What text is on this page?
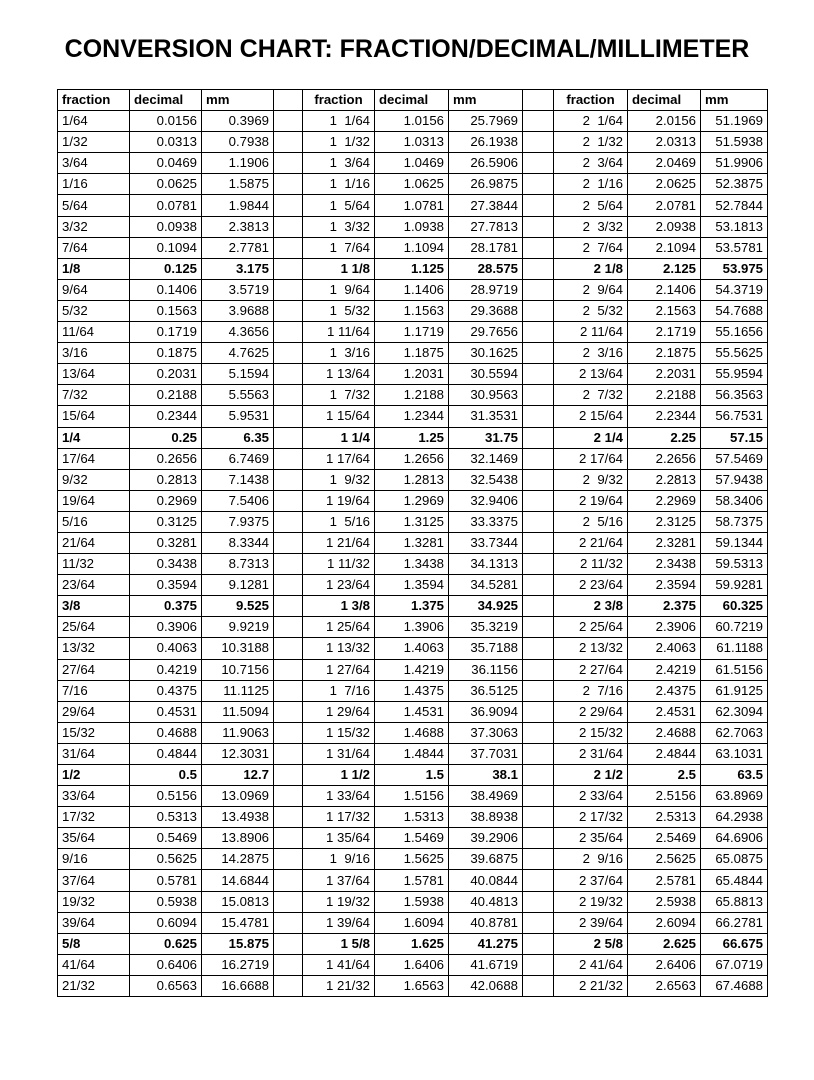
CONVERSION CHART: FRACTION/DECIMAL/MILLIMETER
fraction	decimal	mm		fraction	decimal	mm		fraction	decimal	mm
1/64	0.0156	0.3969		1  1/64	1.0156	25.7969		2  1/64	2.0156	51.1969
1/32	0.0313	0.7938		1  1/32	1.0313	26.1938		2  1/32	2.0313	51.5938
3/64	0.0469	1.1906		1  3/64	1.0469	26.5906		2  3/64	2.0469	51.9906
1/16	0.0625	1.5875		1  1/16	1.0625	26.9875		2  1/16	2.0625	52.3875
5/64	0.0781	1.9844		1  5/64	1.0781	27.3844		2  5/64	2.0781	52.7844
3/32	0.0938	2.3813		1  3/32	1.0938	27.7813		2  3/32	2.0938	53.1813
7/64	0.1094	2.7781		1  7/64	1.1094	28.1781		2  7/64	2.1094	53.5781
1/8	0.125	3.175		1 1/8	1.125	28.575		2 1/8	2.125	53.975
9/64	0.1406	3.5719		1  9/64	1.1406	28.9719		2  9/64	2.1406	54.3719
5/32	0.1563	3.9688		1  5/32	1.1563	29.3688		2  5/32	2.1563	54.7688
11/64	0.1719	4.3656		1 11/64	1.1719	29.7656		2 11/64	2.1719	55.1656
3/16	0.1875	4.7625		1  3/16	1.1875	30.1625		2  3/16	2.1875	55.5625
13/64	0.2031	5.1594		1 13/64	1.2031	30.5594		2 13/64	2.2031	55.9594
7/32	0.2188	5.5563		1  7/32	1.2188	30.9563		2  7/32	2.2188	56.3563
15/64	0.2344	5.9531		1 15/64	1.2344	31.3531		2 15/64	2.2344	56.7531
1/4	0.25	6.35		1 1/4	1.25	31.75		2 1/4	2.25	57.15
17/64	0.2656	6.7469		1 17/64	1.2656	32.1469		2 17/64	2.2656	57.5469
9/32	0.2813	7.1438		1  9/32	1.2813	32.5438		2  9/32	2.2813	57.9438
19/64	0.2969	7.5406		1 19/64	1.2969	32.9406		2 19/64	2.2969	58.3406
5/16	0.3125	7.9375		1  5/16	1.3125	33.3375		2  5/16	2.3125	58.7375
21/64	0.3281	8.3344		1 21/64	1.3281	33.7344		2 21/64	2.3281	59.1344
11/32	0.3438	8.7313		1 11/32	1.3438	34.1313		2 11/32	2.3438	59.5313
23/64	0.3594	9.1281		1 23/64	1.3594	34.5281		2 23/64	2.3594	59.9281
3/8	0.375	9.525		1 3/8	1.375	34.925		2 3/8	2.375	60.325
25/64	0.3906	9.9219		1 25/64	1.3906	35.3219		2 25/64	2.3906	60.7219
13/32	0.4063	10.3188		1 13/32	1.4063	35.7188		2 13/32	2.4063	61.1188
27/64	0.4219	10.7156		1 27/64	1.4219	36.1156		2 27/64	2.4219	61.5156
7/16	0.4375	11.1125		1  7/16	1.4375	36.5125		2  7/16	2.4375	61.9125
29/64	0.4531	11.5094		1 29/64	1.4531	36.9094		2 29/64	2.4531	62.3094
15/32	0.4688	11.9063		1 15/32	1.4688	37.3063		2 15/32	2.4688	62.7063
31/64	0.4844	12.3031		1 31/64	1.4844	37.7031		2 31/64	2.4844	63.1031
1/2	0.5	12.7		1 1/2	1.5	38.1		2 1/2	2.5	63.5
33/64	0.5156	13.0969		1 33/64	1.5156	38.4969		2 33/64	2.5156	63.8969
17/32	0.5313	13.4938		1 17/32	1.5313	38.8938		2 17/32	2.5313	64.2938
35/64	0.5469	13.8906		1 35/64	1.5469	39.2906		2 35/64	2.5469	64.6906
9/16	0.5625	14.2875		1  9/16	1.5625	39.6875		2  9/16	2.5625	65.0875
37/64	0.5781	14.6844		1 37/64	1.5781	40.0844		2 37/64	2.5781	65.4844
19/32	0.5938	15.0813		1 19/32	1.5938	40.4813		2 19/32	2.5938	65.8813
39/64	0.6094	15.4781		1 39/64	1.6094	40.8781		2 39/64	2.6094	66.2781
5/8	0.625	15.875		1 5/8	1.625	41.275		2 5/8	2.625	66.675
41/64	0.6406	16.2719		1 41/64	1.6406	41.6719		2 41/64	2.6406	67.0719
21/32	0.6563	16.6688		1 21/32	1.6563	42.0688		2 21/32	2.6563	67.4688
